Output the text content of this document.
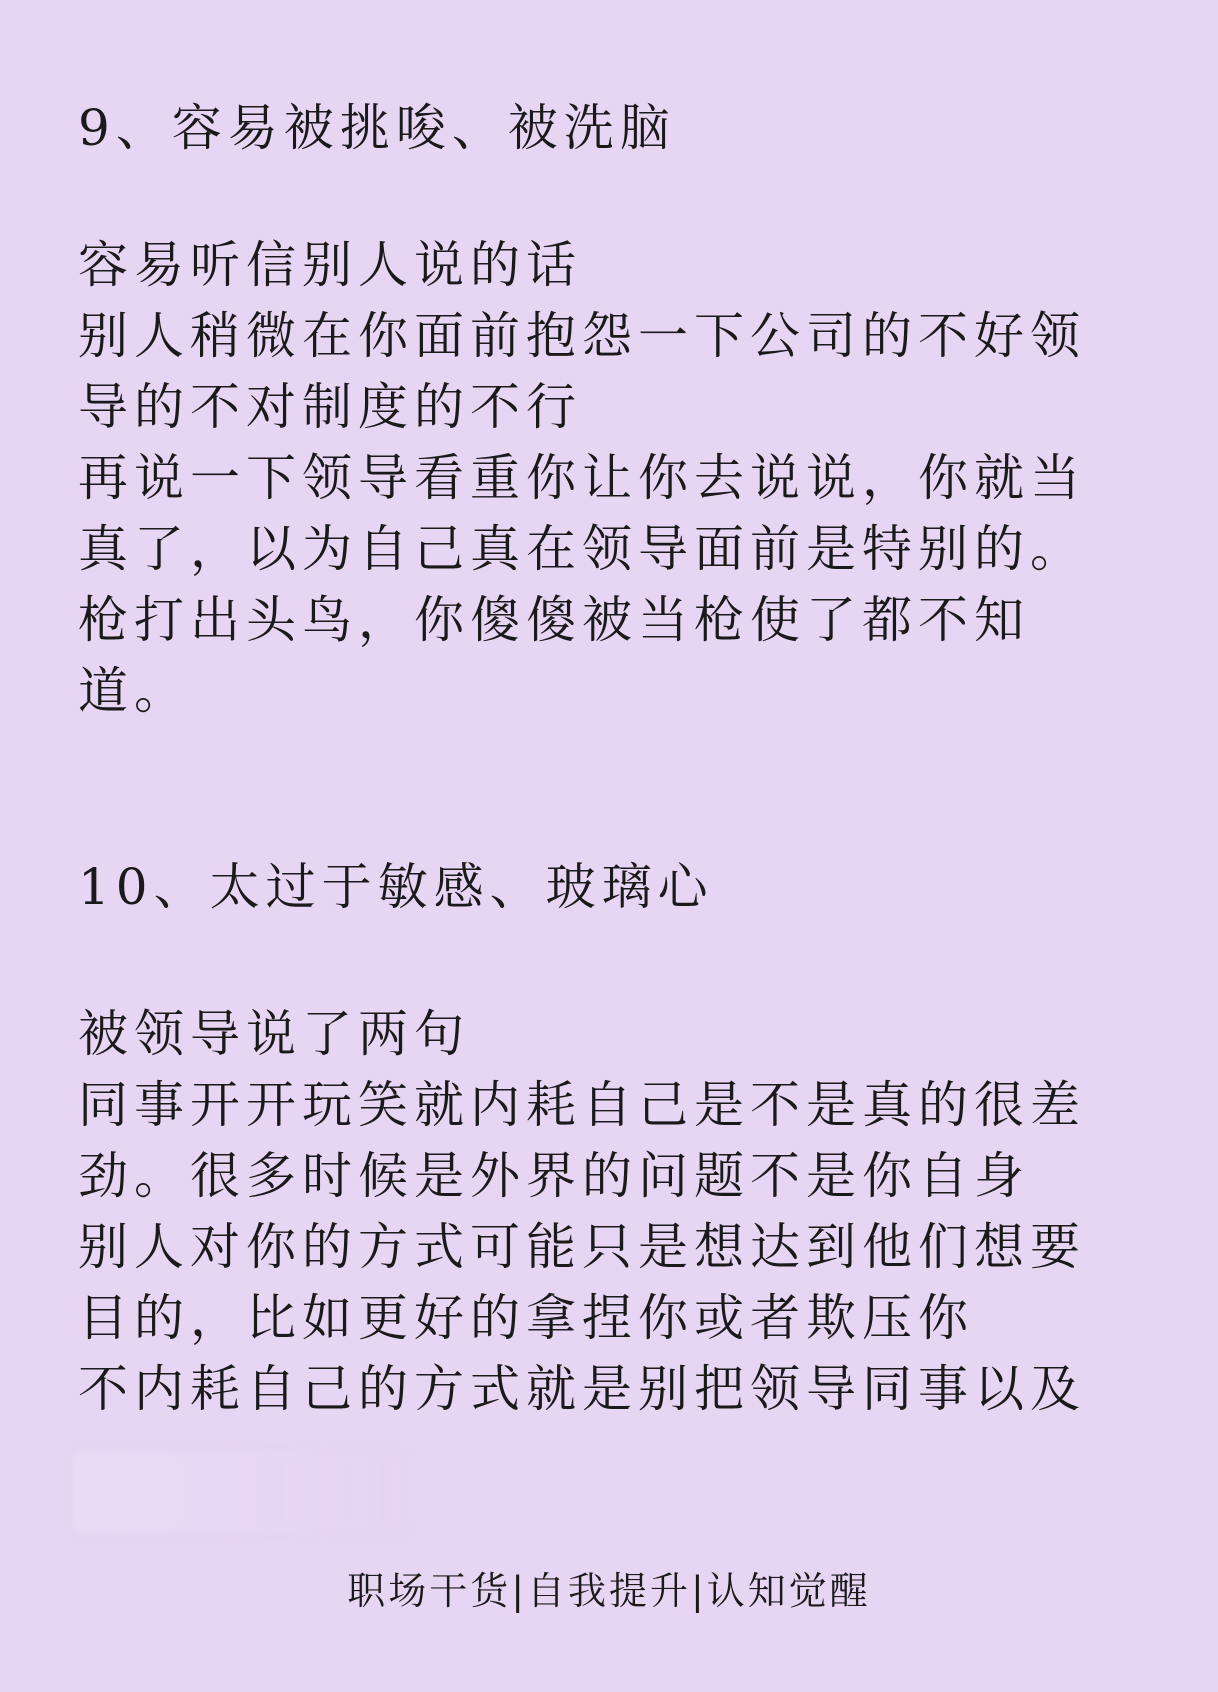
9、容易被挑唆、被洗脑

容易听信别人说的话

别人稍微在你面前抱怨一下公司的不好领

导的不对制度的不行

再说一下领导看重你让你去说说，你就当

真了，以为自己真在领导面前是特别的。

枪打出头鸟，你傻傻被当枪使了都不知

道。

10、太过于敏感、玻璃心

被领导说了两句

同事开开玩笑就内耗自己是不是真的很差

劲。很多时候是外界的问题不是你自身

别人对你的方式可能只是想达到他们想要

目的，比如更好的拿捏你或者欺压你

不内耗自己的方式就是别把领导同事以及

职场干货|自我提升|认知觉醒
